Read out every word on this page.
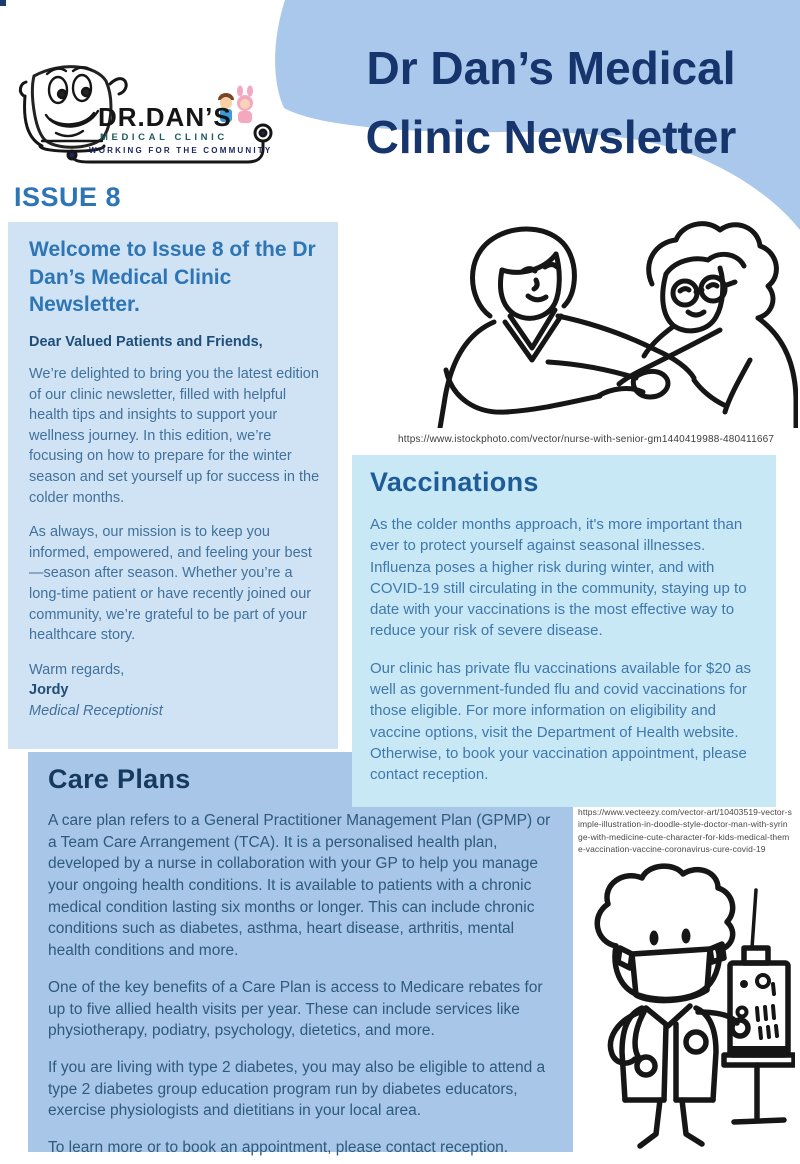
Dr Dan’s Medical
Clinic Newsletter
DR.DAN’S
MEDICAL CLINIC
WORKING FOR THE COMMUNITY
ISSUE 8
Welcome to Issue 8 of the Dr Dan’s Medical Clinic Newsletter.
Dear Valued Patients and Friends,

We’re delighted to bring you the latest edition of our clinic newsletter, filled with helpful health tips and insights to support your wellness journey. In this edition, we’re focusing on how to prepare for the winter season and set yourself up for success in the colder months.

As always, our mission is to keep you informed, empowered, and feeling your best—season after season. Whether you’re a long-time patient or have recently joined our community, we’re grateful to be part of your healthcare story.

Warm regards,
Jordy
Medical Receptionist
https://www.istockphoto.com/vector/nurse-with-senior-gm1440419988-480411667
Vaccinations

As the colder months approach, it's more important than ever to protect yourself against seasonal illnesses. Influenza poses a higher risk during winter, and with COVID-19 still circulating in the community, staying up to date with your vaccinations is the most effective way to reduce your risk of severe disease.

Our clinic has private flu vaccinations available for $20 as well as government-funded flu and covid vaccinations for those eligible. For more information on eligibility and vaccine options, visit the Department of Health website. Otherwise, to book your vaccination appointment, please contact reception.

Care Plans

A care plan refers to a General Practitioner Management Plan (GPMP) or a Team Care Arrangement (TCA). It is a personalised health plan, developed by a nurse in collaboration with your GP to help you manage your ongoing health conditions. It is available to patients with a chronic medical condition lasting six months or longer. This can include chronic conditions such as diabetes, asthma, heart disease, arthritis, mental health conditions and more.

One of the key benefits of a Care Plan is access to Medicare rebates for up to five allied health visits per year. These can include services like physiotherapy, podiatry, psychology, dietetics, and more.

If you are living with type 2 diabetes, you may also be eligible to attend a type 2 diabetes group education program run by diabetes educators, exercise physiologists and dietitians in your local area.

To learn more or to book an appointment, please contact reception.

https://www.vecteezy.com/vector-art/10403519-vector-simple-illustration-in-doodle-style-doctor-man-with-syringe-with-medicine-cute-character-for-kids-medical-theme-vaccination-vaccine-coronavirus-cure-covid-19
